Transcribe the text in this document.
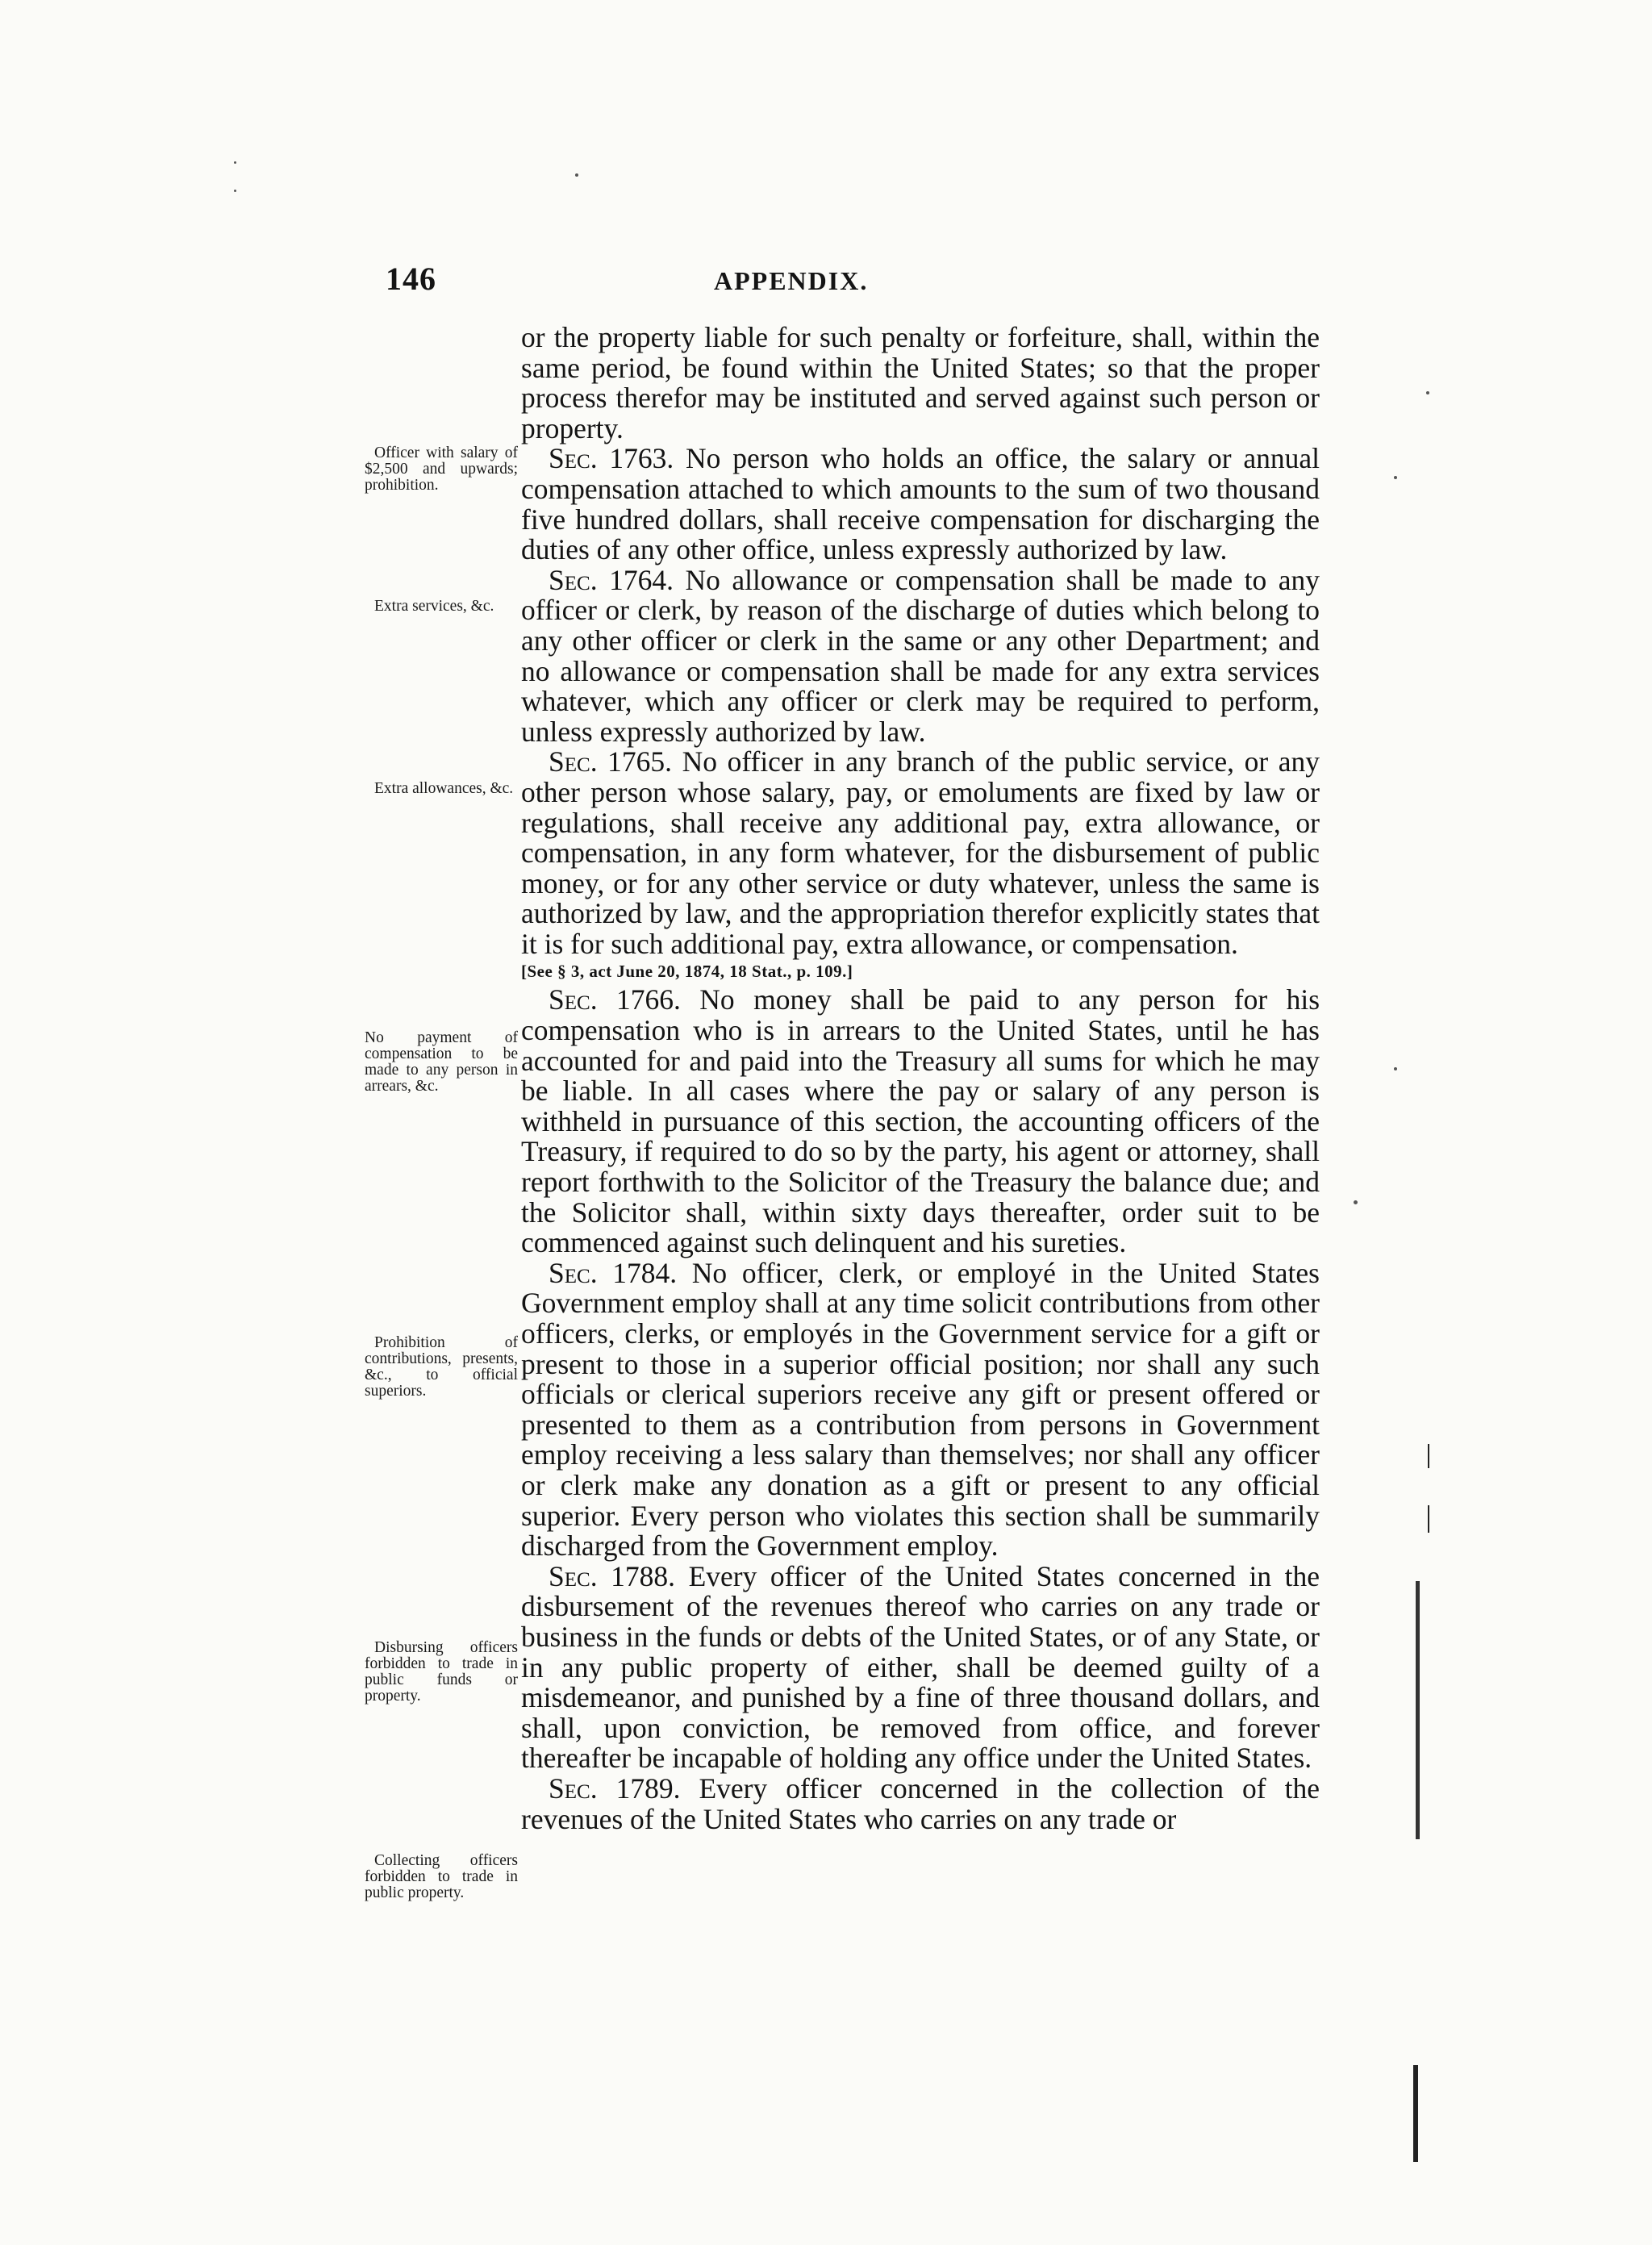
146	APPENDIX.

or the property liable for such penalty or forfeiture, shall, within the same period, be found within the United States; so that the proper process therefor may be instituted and served against such person or property.

Sec. 1763. No person who holds an office, the salary or annual compensation attached to which amounts to the sum of two thousand five hundred dollars, shall receive compensation for discharging the duties of any other office, unless expressly authorized by law.

Sec. 1764. No allowance or compensation shall be made to any officer or clerk, by reason of the discharge of duties which belong to any other officer or clerk in the same or any other Department; and no allowance or compensation shall be made for any extra services whatever, which any officer or clerk may be required to perform, unless expressly authorized by law.

Sec. 1765. No officer in any branch of the public service, or any other person whose salary, pay, or emoluments are fixed by law or regulations, shall receive any additional pay, extra allowance, or compensation, in any form whatever, for the disbursement of public money, or for any other service or duty whatever, unless the same is authorized by law, and the appropriation therefor explicitly states that it is for such additional pay, extra allowance, or compensation.

[See § 3, act June 20, 1874, 18 Stat., p. 109.]

Sec. 1766. No money shall be paid to any person for his compensation who is in arrears to the United States, until he has accounted for and paid into the Treasury all sums for which he may be liable. In all cases where the pay or salary of any person is withheld in pursuance of this section, the accounting officers of the Treasury, if required to do so by the party, his agent or attorney, shall report forthwith to the Solicitor of the Treasury the balance due; and the Solicitor shall, within sixty days thereafter, order suit to be commenced against such delinquent and his sureties.

Sec. 1784. No officer, clerk, or employé in the United States Government employ shall at any time solicit contributions from other officers, clerks, or employés in the Government service for a gift or present to those in a superior official position; nor shall any such officials or clerical superiors receive any gift or present offered or presented to them as a contribution from persons in Government employ receiving a less salary than themselves; nor shall any officer or clerk make any donation as a gift or present to any official superior. Every person who violates this section shall be summarily discharged from the Government employ.

Sec. 1788. Every officer of the United States concerned in the disbursement of the revenues thereof who carries on any trade or business in the funds or debts of the United States, or of any State, or in any public property of either, shall be deemed guilty of a misdemeanor, and punished by a fine of three thousand dollars, and shall, upon conviction, be removed from office, and forever thereafter be incapable of holding any office under the United States.

Sec. 1789. Every officer concerned in the collection of the revenues of the United States who carries on any trade or

Officer with salary of $2,500 and upwards; prohibition.
Extra services, &c.
Extra allowances, &c.
No payment of compensation to be made to any person in arrears, &c.
Prohibition of contributions, presents, &c., to official superiors.
Disbursing officers forbidden to trade in public funds or property.
Collecting officers forbidden to trade in public property.
